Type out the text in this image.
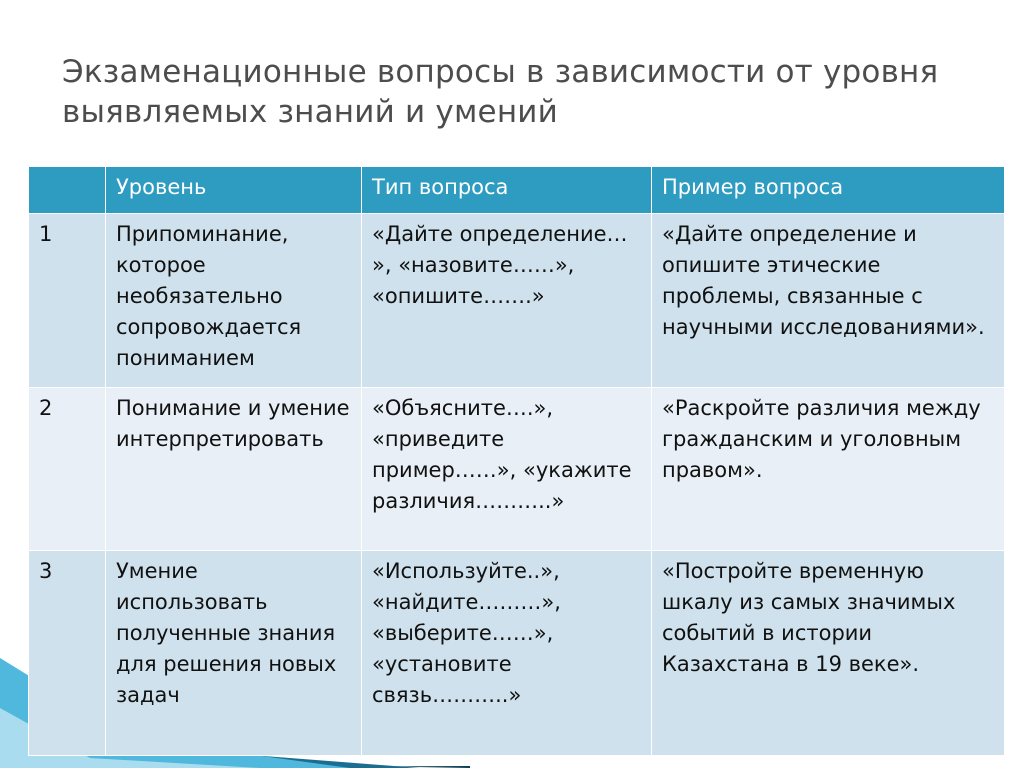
Экзаменационные вопросы в зависимости от уровня
выявляемых знаний и умений
	Уровень	Тип вопроса	Пример вопроса
1	Припоминание, которое необязательно сопровождается пониманием	«Дайте определение… », «назовите……», «опишите…….»	«Дайте определение и опишите этические проблемы, связанные с научными исследованиями».
2	Понимание и умение интерпретировать	«Объясните….», «приведите пример……», «укажите различия………..»	«Раскройте различия между гражданским и уголовным правом».
3	Умение использовать полученные знания для решения новых задач	«Используйте..», «найдите………», «выберите……», «установите связь………..»	«Постройте временную шкалу из самых значимых событий в истории Казахстана в 19 веке».
